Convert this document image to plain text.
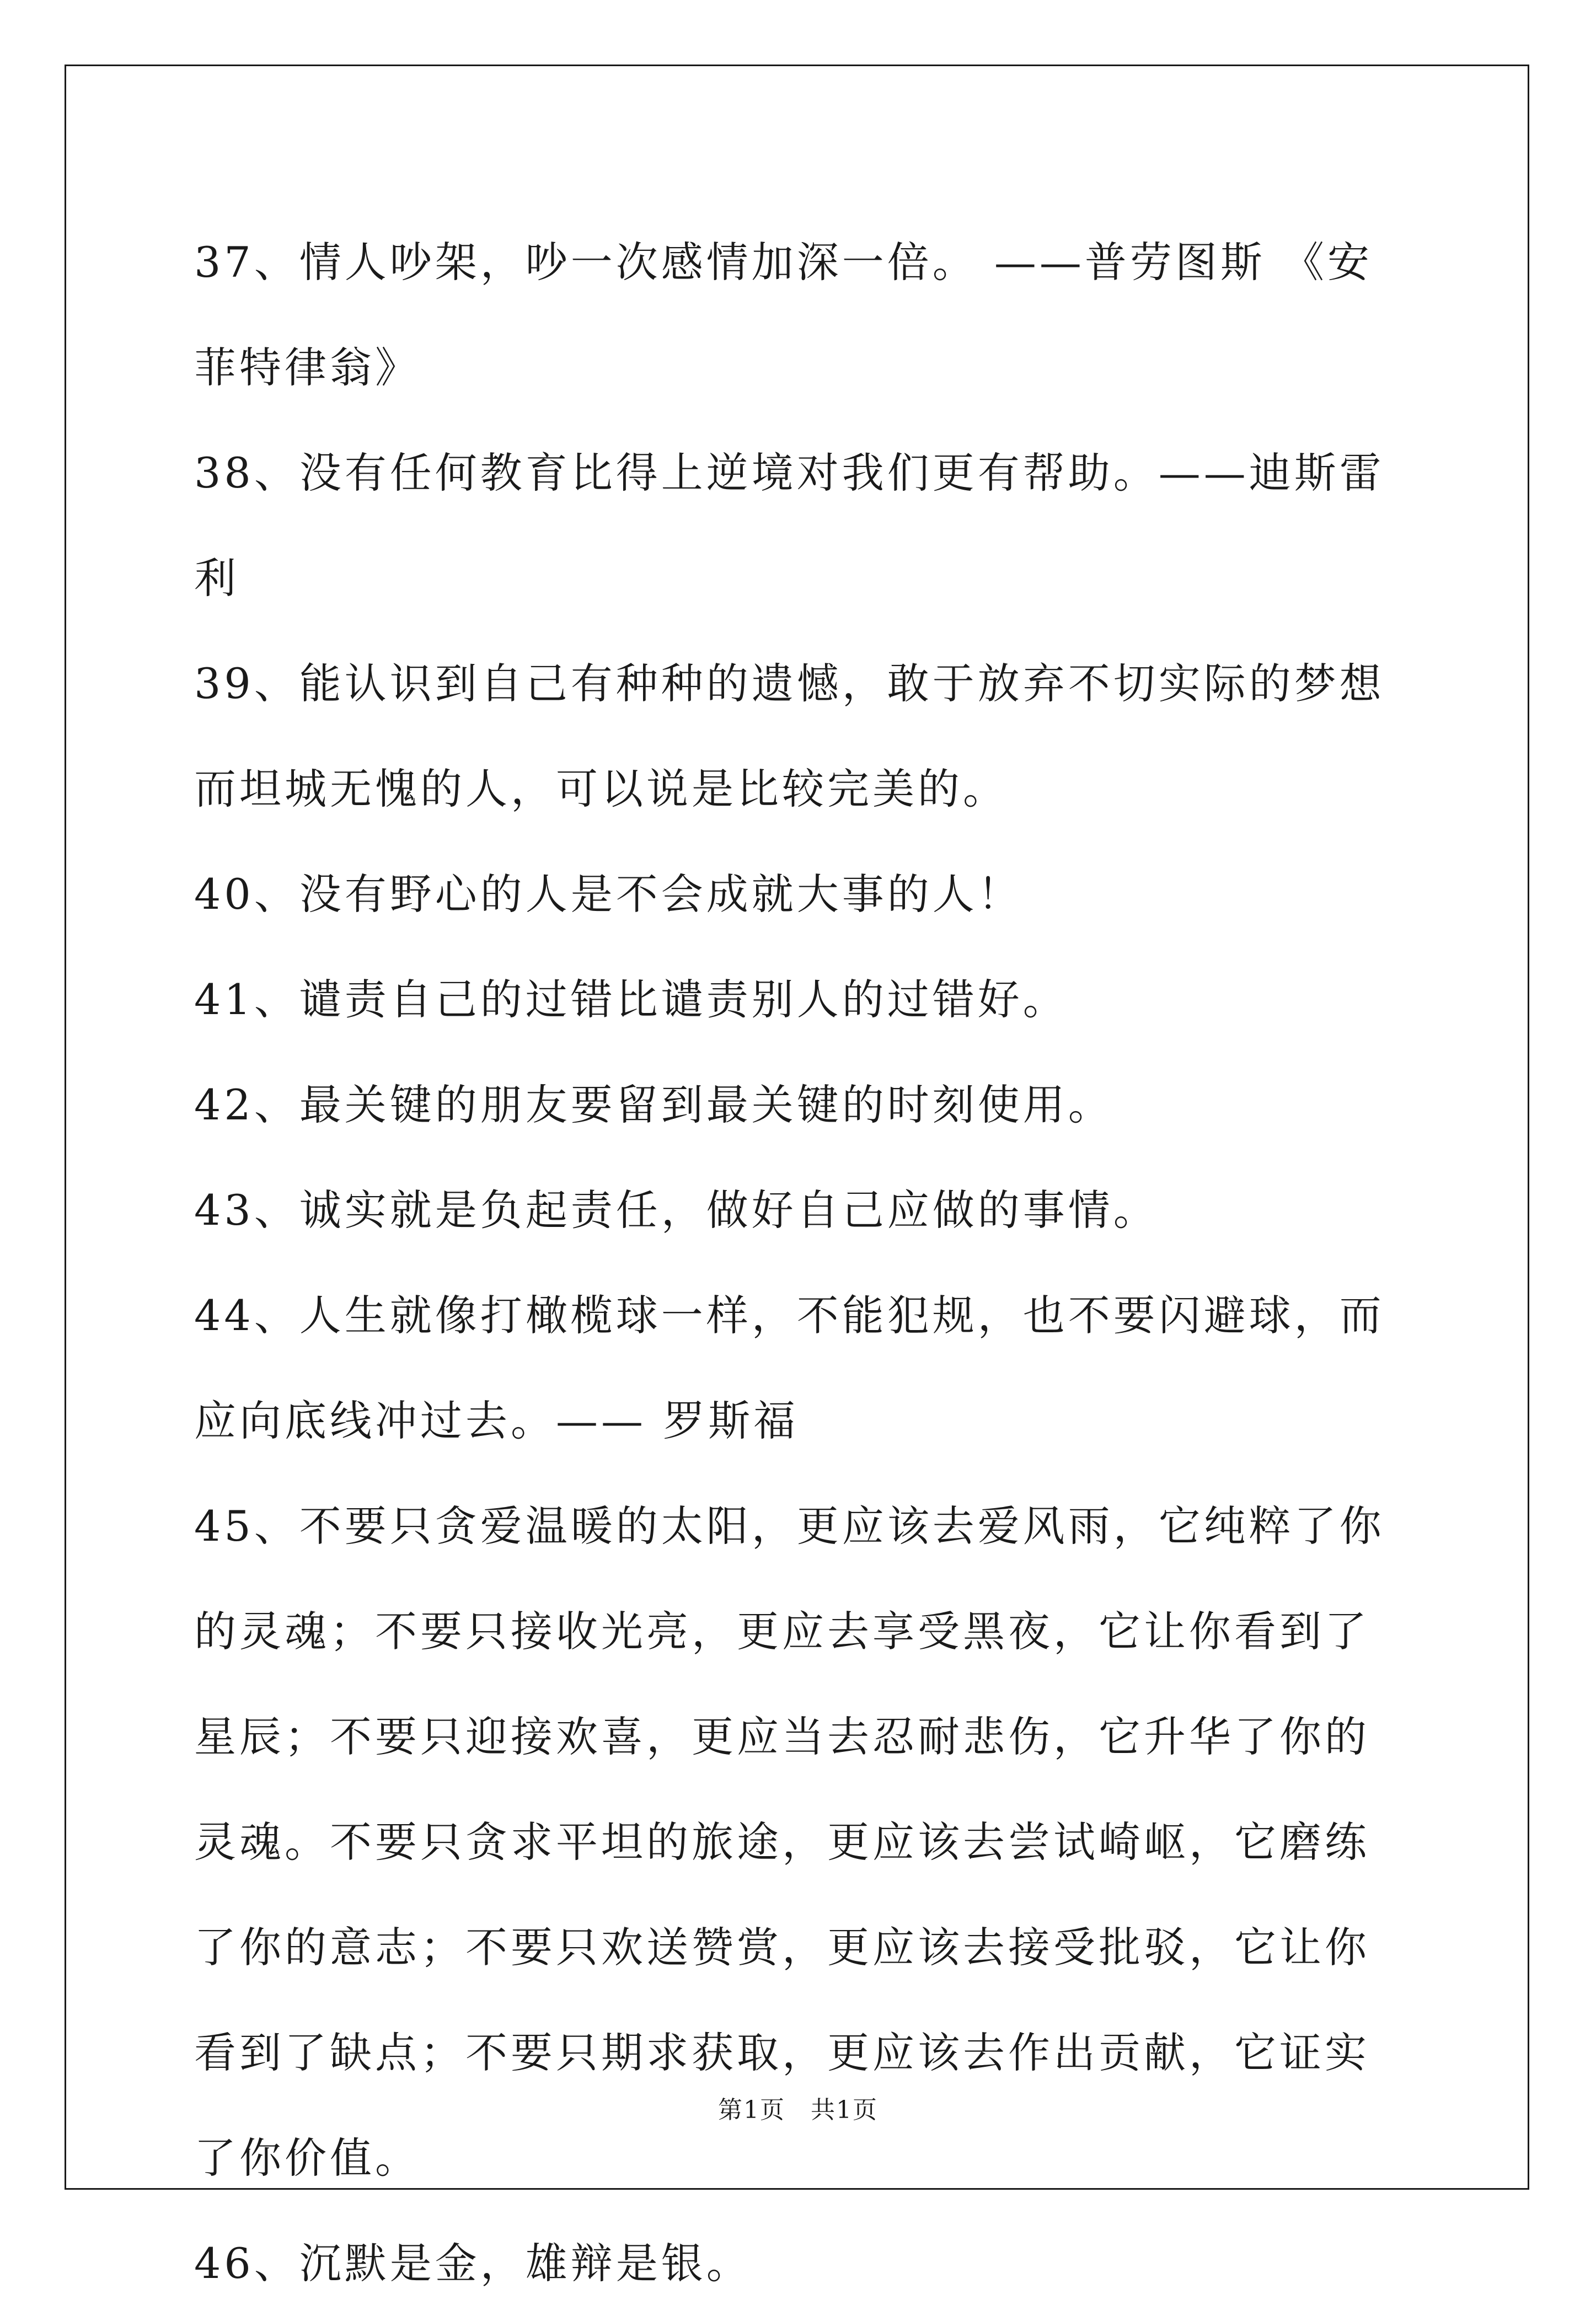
37、情人吵架，吵一次感情加深一倍。 ——普劳图斯 《安菲特律翁》

38、没有任何教育比得上逆境对我们更有帮助。——迪斯雷利

39、能认识到自己有种种的遗憾，敢于放弃不切实际的梦想而坦城无愧的人，可以说是比较完美的。

40、没有野心的人是不会成就大事的人！

41、谴责自己的过错比谴责别人的过错好。

42、最关键的朋友要留到最关键的时刻使用。

43、诚实就是负起责任，做好自己应做的事情。

44、人生就像打橄榄球一样，不能犯规，也不要闪避球，而应向底线冲过去。—— 罗斯福

45、不要只贪爱温暖的太阳，更应该去爱风雨，它纯粹了你的灵魂；不要只接收光亮，更应去享受黑夜，它让你看到了星辰；不要只迎接欢喜，更应当去忍耐悲伤，它升华了你的灵魂。不要只贪求平坦的旅途，更应该去尝试崎岖，它磨练了你的意志；不要只欢送赞赏，更应该去接受批驳，它让你看到了缺点；不要只期求获取，更应该去作出贡献，它证实了你价值。

46、沉默是金，雄辩是银。

第1页　共1页
